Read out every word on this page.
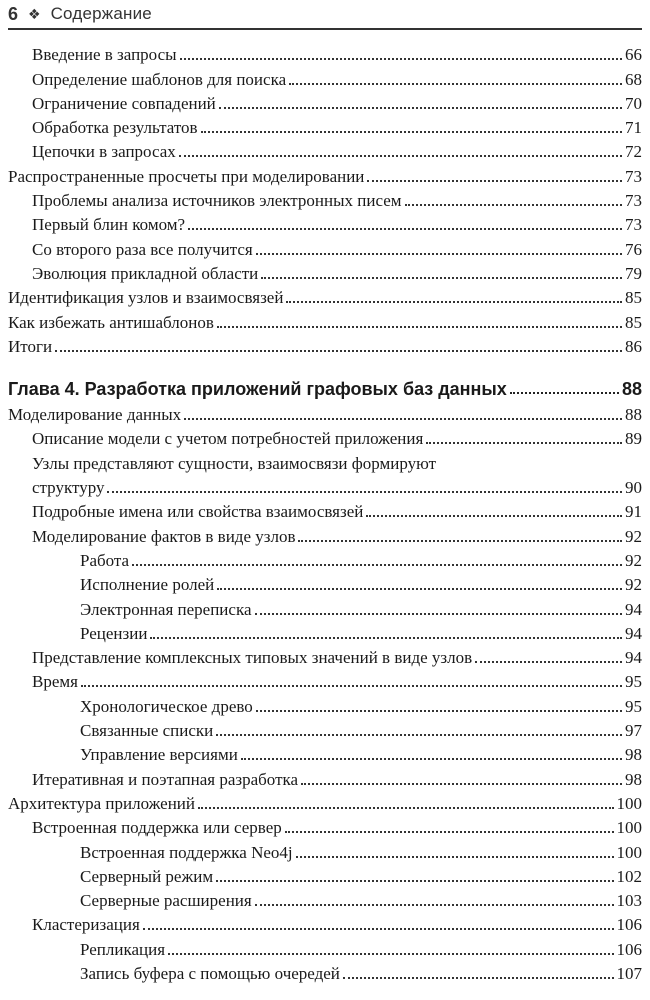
6 ❖ Содержание
Введение в запросы	66
Определение шаблонов для поиска	68
Ограничение совпадений	70
Обработка результатов	71
Цепочки в запросах	72
Распространенные просчеты при моделировании	73
Проблемы анализа источников электронных писем	73
Первый блин комом?	73
Со второго раза все получится	76
Эволюция прикладной области	79
Идентификация узлов и взаимосвязей	85
Как избежать антишаблонов	85
Итоги	86
Глава 4. Разработка приложений графовых баз данных	88
Моделирование данных	88
Описание модели с учетом потребностей приложения	89
Узлы представляют сущности, взаимосвязи формируют
структуру	90
Подробные имена или свойства взаимосвязей	91
Моделирование фактов в виде узлов	92
Работа	92
Исполнение ролей	92
Электронная переписка	94
Рецензии	94
Представление комплексных типовых значений в виде узлов	94
Время	95
Хронологическое древо	95
Связанные списки	97
Управление версиями	98
Итеративная и поэтапная разработка	98
Архитектура приложений	100
Встроенная поддержка или сервер	100
Встроенная поддержка Neo4j	100
Серверный режим	102
Серверные расширения	103
Кластеризация	106
Репликация	106
Запись буфера с помощью очередей	107
